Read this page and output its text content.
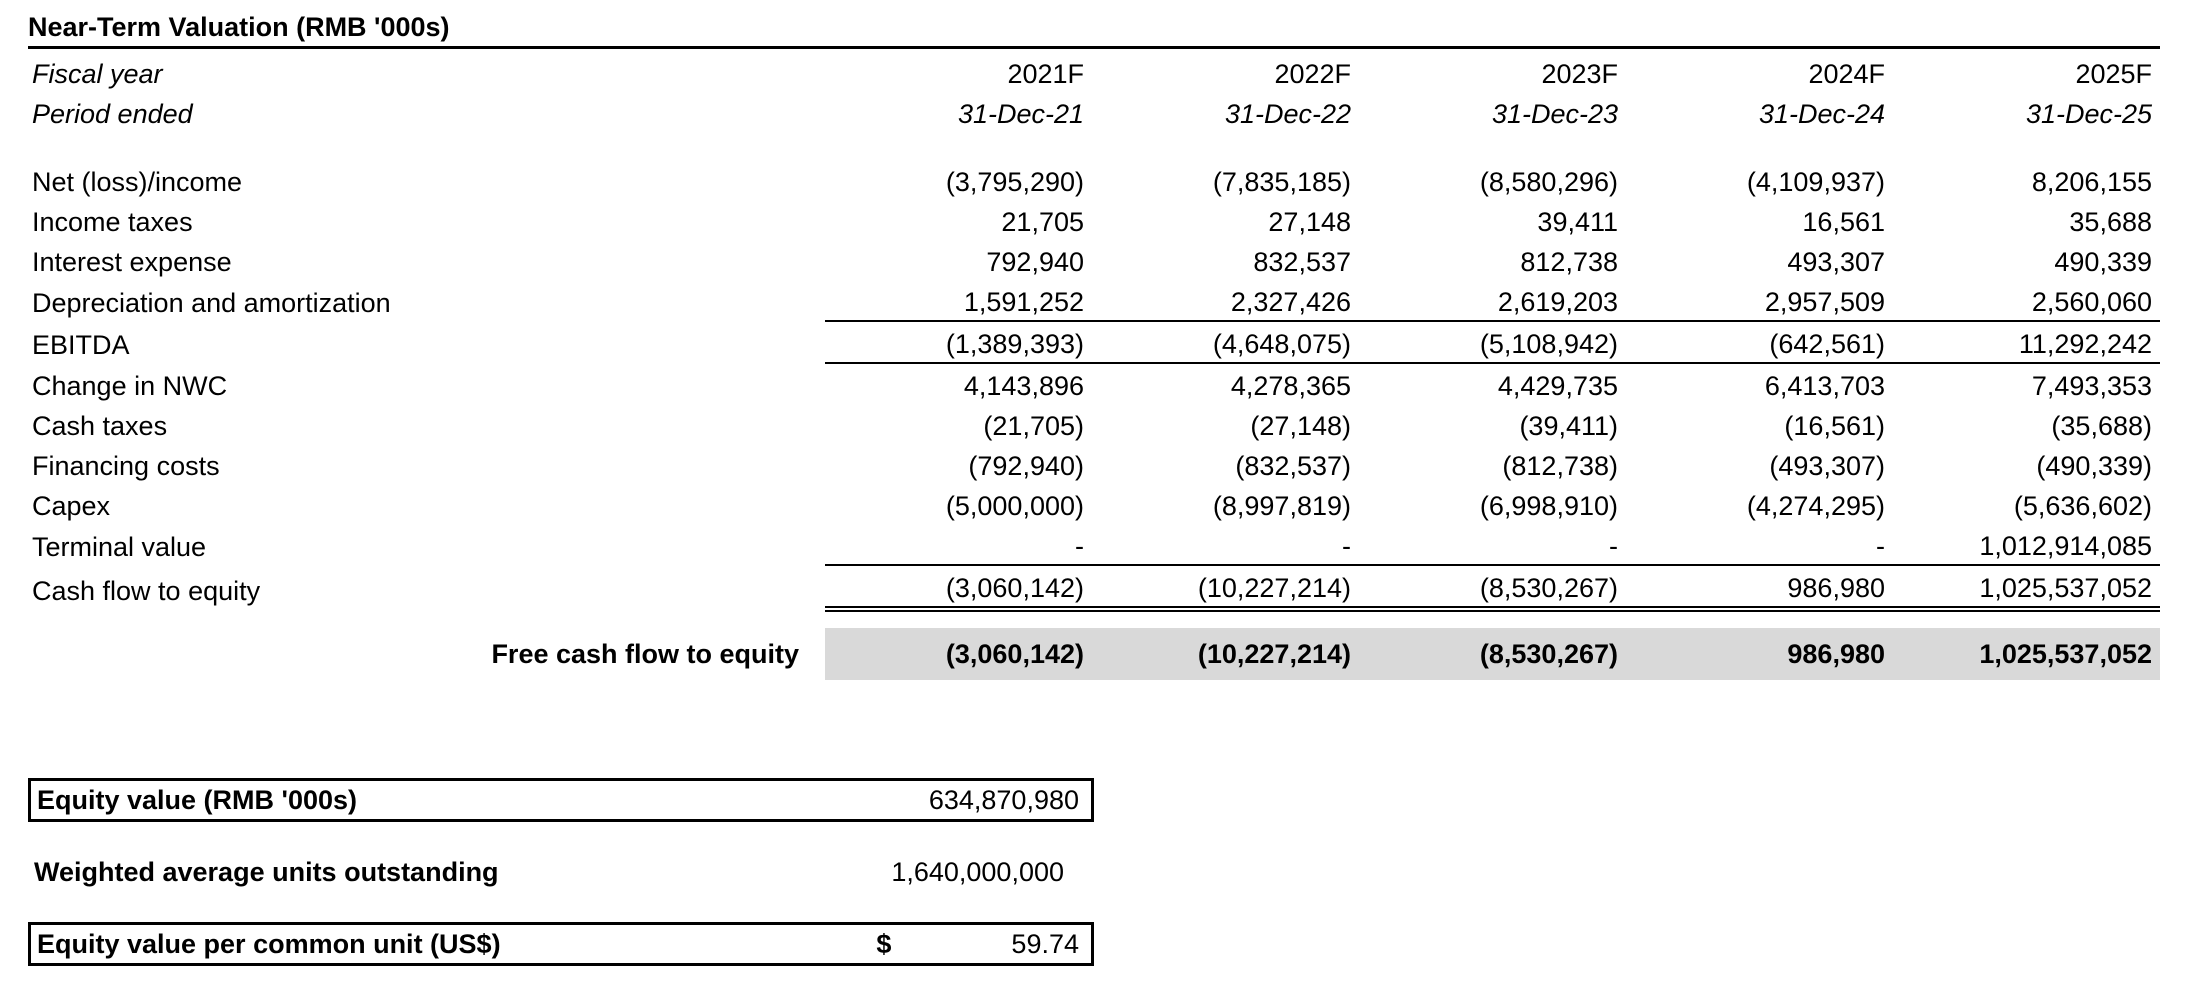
Near-Term Valuation (RMB '000s)
Fiscal year	2021F	2022F	2023F	2024F	2025F
Period ended	31-Dec-21	31-Dec-22	31-Dec-23	31-Dec-24	31-Dec-25

Net (loss)/income	(3,795,290)	(7,835,185)	(8,580,296)	(4,109,937)	8,206,155
Income taxes	21,705	27,148	39,411	16,561	35,688
Interest expense	792,940	832,537	812,738	493,307	490,339
Depreciation and amortization	1,591,252	2,327,426	2,619,203	2,957,509	2,560,060
EBITDA	(1,389,393)	(4,648,075)	(5,108,942)	(642,561)	11,292,242
Change in NWC	4,143,896	4,278,365	4,429,735	6,413,703	7,493,353
Cash taxes	(21,705)	(27,148)	(39,411)	(16,561)	(35,688)
Financing costs	(792,940)	(832,537)	(812,738)	(493,307)	(490,339)
Capex	(5,000,000)	(8,997,819)	(6,998,910)	(4,274,295)	(5,636,602)
Terminal value	-	-	-	-	1,012,914,085
Cash flow to equity	(3,060,142)	(10,227,214)	(8,530,267)	986,980	1,025,537,052

Free cash flow to equity	(3,060,142)	(10,227,214)	(8,530,267)	986,980	1,025,537,052
Equity value (RMB '000s)	634,870,980
Weighted average units outstanding	1,640,000,000
Equity value per common unit (US$)	$	59.74
